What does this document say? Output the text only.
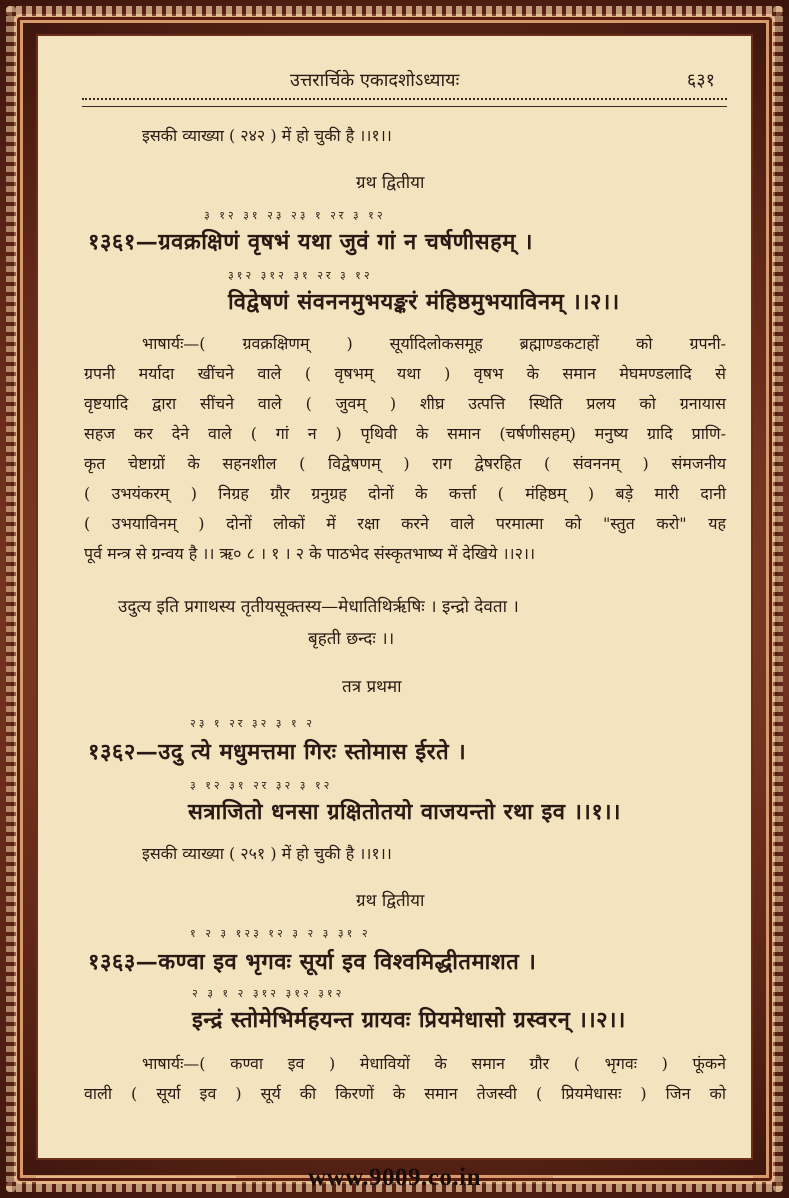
उत्तरार्चिके एकादशोऽध्यायः	६३१
इसकी व्याख्या ( २४२ ) में हो चुकी है ।।१।।
ग्रथ द्वितीया
३ १२ ३१ २३ २३ १ २र ३ १२
१३६१—ग्रवक्रक्षिणं वृषभं यथा जुवं गां न चर्षणीसहम् ।
३१२ ३१२ ३१ २र ३ १२
विद्वेषणं संवननमुभयङ्करं मंहिष्ठमुभयाविनम् ।।२।।
भाषार्यः—( ग्रवक्रक्षिणम् ) सूर्यादिलोकसमूह ब्रह्माण्डकटाहों को ग्रपनी-
ग्रपनी मर्यादा खींचने वाले ( वृषभम् यथा ) वृषभ के समान मेघमण्डलादि से
वृष्टयादि द्वारा सींचने वाले ( जुवम् ) शीघ्र उत्पत्ति स्थिति प्रलय को ग्रनायास
सहज कर देने वाले ( गां न ) पृथिवी के समान (चर्षणीसहम्) मनुष्य ग्रादि प्राणि-
कृत चेष्टाग्रों के सहनशील ( विद्वेषणम् ) राग द्वेषरहित ( संवननम् ) संमजनीय
( उभयंकरम् ) निग्रह ग्रौर ग्रनुग्रह दोनों के कर्त्ता ( मंहिष्ठम् ) बड़े मारी दानी
( उभयाविनम् ) दोनों लोकों में रक्षा करने वाले परमात्मा को "स्तुत करो" यह
पूर्व मन्त्र से ग्रन्वय है ।। ऋ० ८ । १ । २ के पाठभेद संस्कृतभाष्य में देखिये ।।२।।
उदुत्य इति प्रगाथस्य तृतीयसूक्तस्य—मेधातिथिर्ऋषिः । इन्द्रो देवता ।
बृहती छन्दः ।।
तत्र प्रथमा
२३ १ २र ३२ ३ १ २
१३६२—उदु त्ये मधुमत्तमा गिरः स्तोमास ईरते ।
३ १२ ३१ २र ३२ ३ १२
सत्राजितो धनसा ग्रक्षितोतयो वाजयन्तो रथा इव ।।१।।
इसकी व्याख्या ( २५१ ) में हो चुकी है ।।१।।
ग्रथ द्वितीया
१ २ ३ १२३ १२ ३ २ ३ ३१ २
१३६३—कण्वा इव भृगवः सूर्या इव विश्वमिद्धीतमाशत ।
२ ३ १ २ ३१२ ३१२ ३१२
इन्द्रं स्तोमेभिर्महयन्त ग्रायवः प्रियमेधासो ग्रस्वरन् ।।२।।
भाषार्यः—( कण्वा इव ) मेधावियों के समान ग्रौर ( भृगवः ) फूंकने
वाली ( सूर्या इव ) सूर्य की किरणों के समान तेजस्वी ( प्रियमेधासः ) जिन को
www.9009.co.in
